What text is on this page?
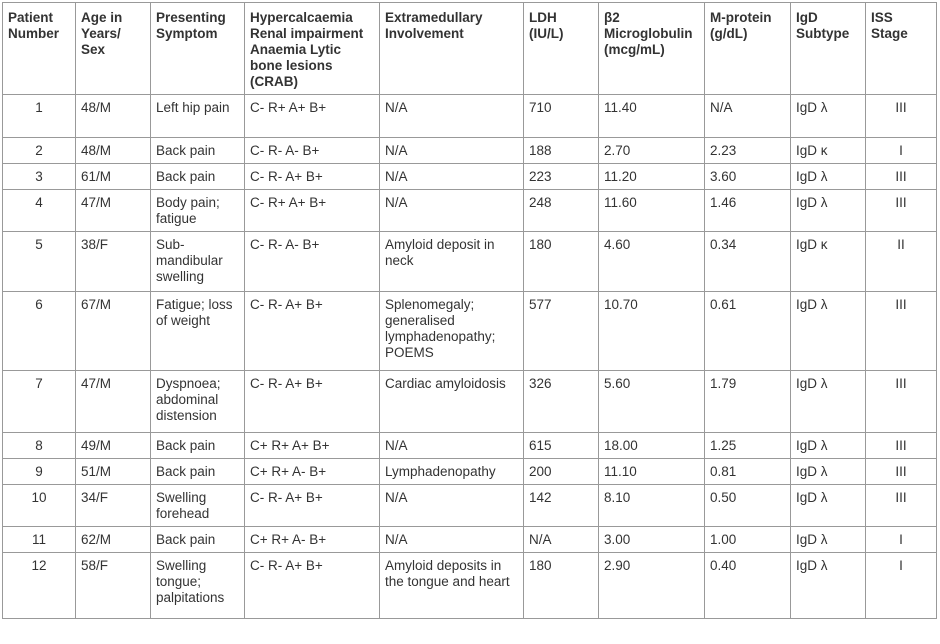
Patient Number	Age in Years/ Sex	Presenting Symptom	Hypercalcaemia Renal impairment Anaemia Lytic bone lesions (CRAB)	Extramedullary Involvement	LDH (IU/L)	β2 Microglobulin (mcg/mL)	M-protein (g/dL)	IgD Subtype	ISS Stage
1	48/M	Left hip pain	C- R+ A+ B+	N/A	710	11.40	N/A	IgD λ	III
2	48/M	Back pain	C- R- A- B+	N/A	188	2.70	2.23	IgD κ	I
3	61/M	Back pain	C- R- A+ B+	N/A	223	11.20	3.60	IgD λ	III
4	47/M	Body pain; fatigue	C- R+ A+ B+	N/A	248	11.60	1.46	IgD λ	III
5	38/F	Sub-mandibular swelling	C- R- A- B+	Amyloid deposit in neck	180	4.60	0.34	IgD κ	II
6	67/M	Fatigue; loss of weight	C- R- A+ B+	Splenomegaly; generalised lymphadenopathy; POEMS	577	10.70	0.61	IgD λ	III
7	47/M	Dyspnoea; abdominal distension	C- R- A+ B+	Cardiac amyloidosis	326	5.60	1.79	IgD λ	III
8	49/M	Back pain	C+ R+ A+ B+	N/A	615	18.00	1.25	IgD λ	III
9	51/M	Back pain	C+ R+ A- B+	Lymphadenopathy	200	11.10	0.81	IgD λ	III
10	34/F	Swelling forehead	C- R- A+ B+	N/A	142	8.10	0.50	IgD λ	III
11	62/M	Back pain	C+ R+ A- B+	N/A	N/A	3.00	1.00	IgD λ	I
12	58/F	Swelling tongue; palpitations	C- R- A+ B+	Amyloid deposits in the tongue and heart	180	2.90	0.40	IgD λ	I
